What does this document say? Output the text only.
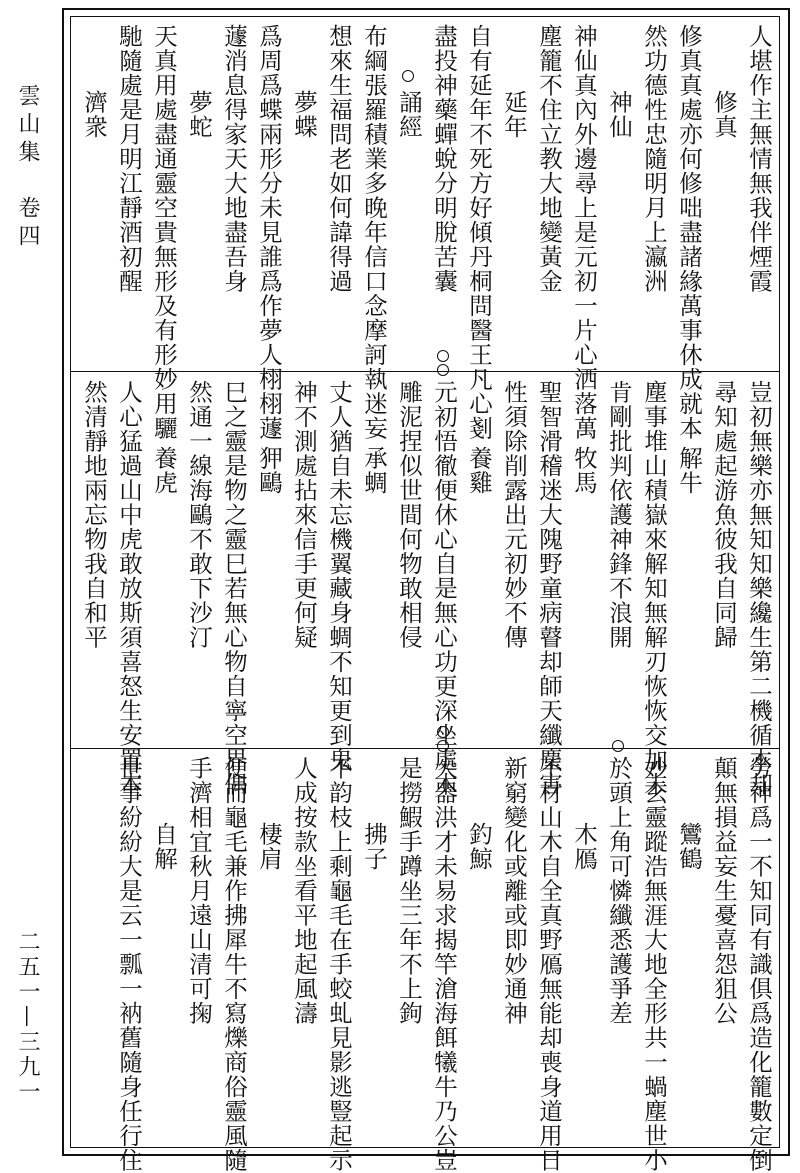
雲山集　卷四
二五一—三九一
人堪作主無情無我伴煙霞
修真
修真真處亦何修咄盡諸緣萬事休成就本
然功德性忠隨明月上瀛洲
神仙
神仙真內外邊尋上是元初一片心洒落萬
塵籠不住立教大地變黃金
延年
自有延年不死方好傾丹桐問醫王凡心剗
盡投神藥蟬蛻分明脫苦囊
誦經
布綱張羅積業多晚年信口念摩訶執迷妄
想來生福問老如何諱得過
夢蝶
爲周爲蝶兩形分未見誰爲作夢人栩栩蘧
蘧消息得家天大地盡吾身
夢蛇
天真用處盡通靈空貴無形及有形妙用驪
馳隨處是月明江靜酒初醒
濟衆
豈初無樂亦無知知樂纔生第二機循本却
尋知處起游魚彼我自同歸
解牛
塵事堆山積嶽來解知無解刃恢恢交加末
肯剛批判依護神鋒不浪開
牧馬
聖智滑稽迷大隗野童病瞽却師天纖塵害
性須除削露出元初妙不傳
養雞
元初悟徹便休心自是無心功更深坐處木
雕泥捏似世間何物敢相侵
承蜩
丈人猶自未忘機翼藏身蜩不知更到鬼
神不測處拈來信手更何疑
狎鷗
巳之靈是物之靈巳若無心物自寧空界偶
然通一線海鷗不敢下沙汀
養虎
人心猛過山中虎敢放斯須喜怒生安置本
然清靜地兩忘物我自和平
勞神爲一不知同有識俱爲造化籠數定倒
顛無損益妄生憂喜怨狙公
鸞鶴
妙玄靈蹤浩無涯大地全形共一蝸塵世小
於頭上角可憐纖悉護爭差
木鴈
不材山木自全真野鴈無能却喪身道用日
新窮變化或離或即妙通神
釣鯨
大器洪才未易求揭竿滄海餌犧牛乃公豈
是撈鰕手蹲坐三年不上鉤
拂子
不韵枝上剩龜毛在手蛟虬見影逃豎起示
人成按款坐看平地起風濤
棲肩
便而龜毛兼作拂犀牛不寫爍商俗靈風隨
手濟相宜秋月遠山清可掬
自解
世事紛紛大是云一瓢一衲舊隨身任行住
